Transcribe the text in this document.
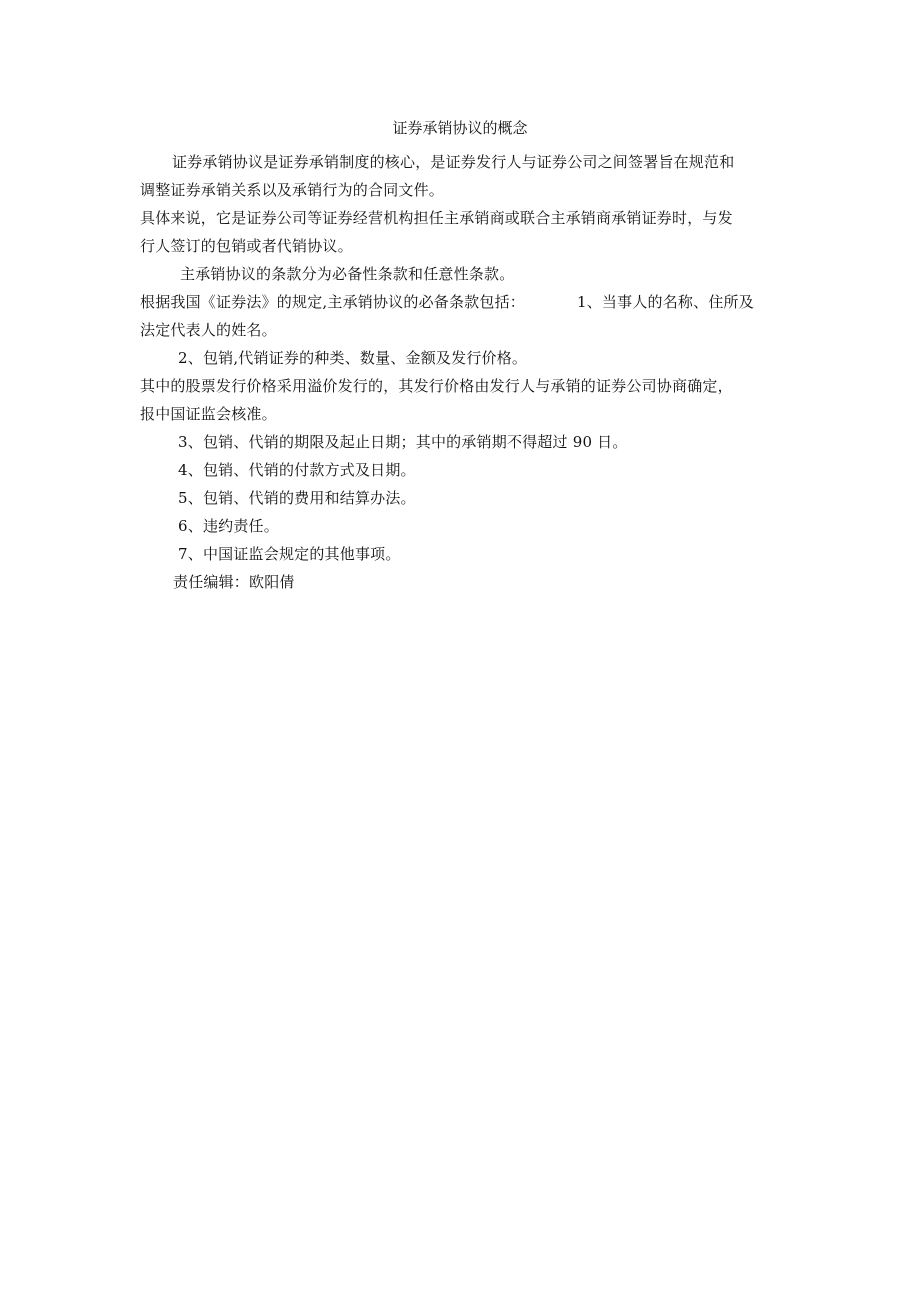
证券承销协议的概念

证券承销协议是证券承销制度的核心，是证券发行人与证券公司之间签署旨在规范和

调整证券承销关系以及承销行为的合同文件。

具体来说，它是证券公司等证券经营机构担任主承销商或联合主承销商承销证券时，与发

行人签订的包销或者代销协议。

主承销协议的条款分为必备性条款和任意性条款。

根据我国《证券法》的规定,主承销协议的必备条款包括：	1、当事人的名称、住所及

法定代表人的姓名。

2、包销,代销证券的种类、数量、金额及发行价格。

其中的股票发行价格采用溢价发行的，其发行价格由发行人与承销的证券公司协商确定，

报中国证监会核准。

3、包销、代销的期限及起止日期；其中的承销期不得超过 90 日。

4、包销、代销的付款方式及日期。

5、包销、代销的费用和结算办法。

6、违约责任。

7、中国证监会规定的其他事项。

责任编辑：欧阳倩
